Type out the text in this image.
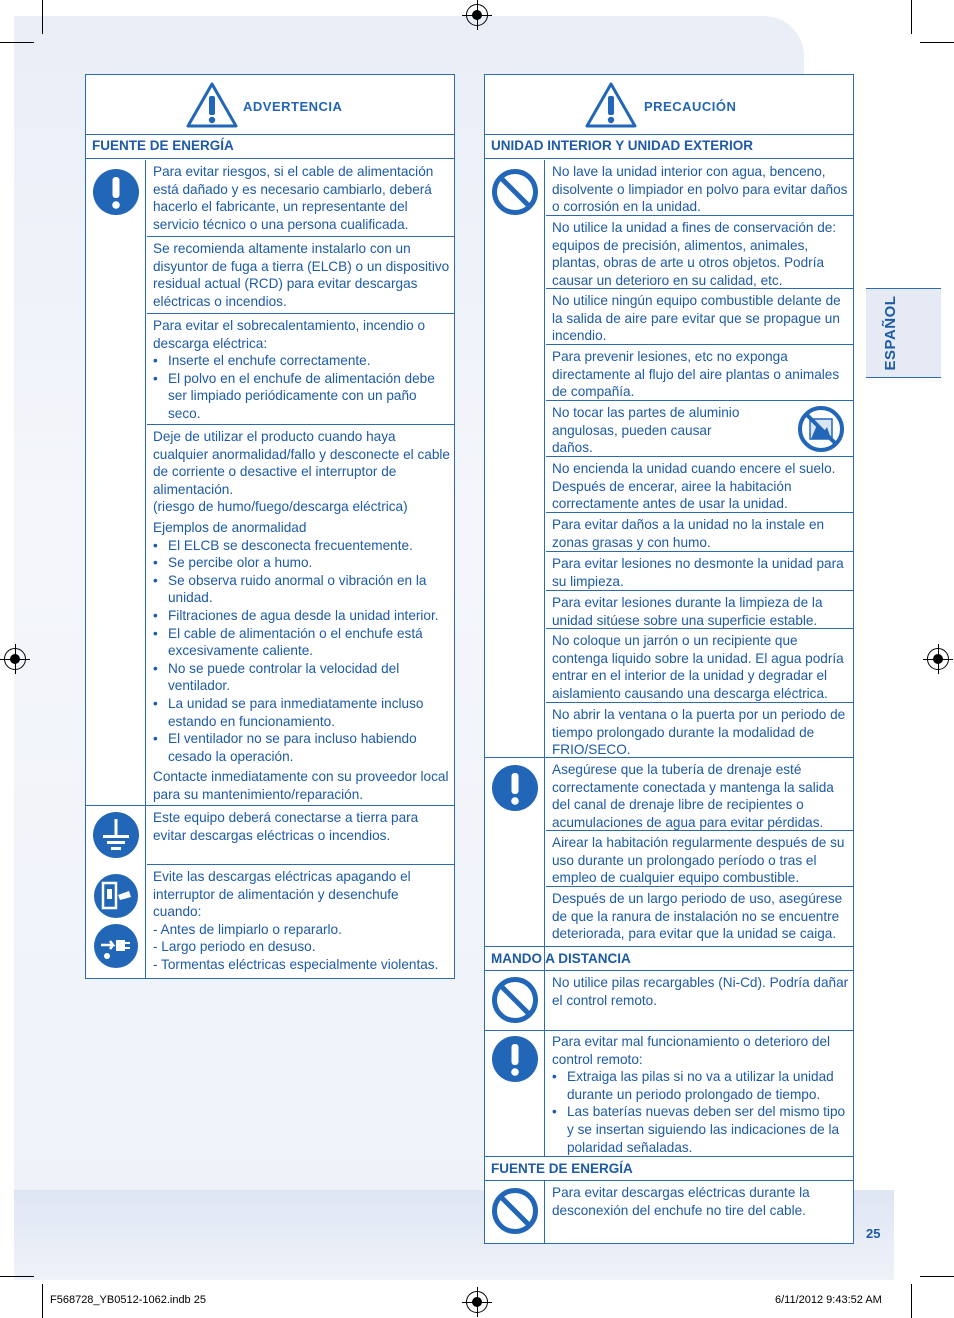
ESPAÑOL
25
ADVERTENCIA
FUENTE DE ENERGÍA

Para evitar riesgos, si el cable de alimentación está dañado y es necesario cambiarlo, deberá hacerlo el fabricante, un representante del servicio técnico o una persona cualificada.

Se recomienda altamente instalarlo con un disyuntor de fuga a tierra (ELCB) o un dispositivo residual actual (RCD) para evitar descargas eléctricas o incendios.

Para evitar el sobrecalentamiento, incendio o descarga eléctrica:

• Inserte el enchufe correctamente.
• El polvo en el enchufe de alimentación debe ser limpiado periódicamente con un paño seco.

Deje de utilizar el producto cuando haya cualquier anormalidad/fallo y desconecte el cable de corriente o desactive el interruptor de alimentación.

(riesgo de humo/fuego/descarga eléctrica)

Ejemplos de anormalidad

• El ELCB se desconecta frecuentemente.
• Se percibe olor a humo.
• Se observa ruido anormal o vibración en la unidad.
• Filtraciones de agua desde la unidad interior.
• El cable de alimentación o el enchufe está excesivamente caliente.
• No se puede controlar la velocidad del ventilador.
• La unidad se para inmediatamente incluso estando en funcionamiento.
• El ventilador no se para incluso habiendo cesado la operación.

Contacte inmediatamente con su proveedor local para su mantenimiento/reparación.

Este equipo deberá conectarse a tierra para evitar descargas eléctricas o incendios.

Evite las descargas eléctricas apagando el interruptor de alimentación y desenchufe cuando:

- Antes de limpiarlo o repararlo.

- Largo periodo en desuso.

- Tormentas eléctricas especialmente violentas.

PRECAUCIÓN
UNIDAD INTERIOR Y UNIDAD EXTERIOR

No lave la unidad interior con agua, benceno, disolvente o limpiador en polvo para evitar daños o corrosión en la unidad.

No utilice la unidad a fines de conservación de: equipos de precisión, alimentos, animales, plantas, obras de arte u otros objetos. Podría causar un deterioro en su calidad, etc.

No utilice ningún equipo combustible delante de la salida de aire pare evitar que se propague un incendio.

Para prevenir lesiones, etc no exponga directamente al flujo del aire plantas o animales de compañía.

No tocar las partes de aluminio angulosas, pueden causar daños.

No encienda la unidad cuando encere el suelo. Después de encerar, airee la habitación correctamente antes de usar la unidad.

Para evitar daños a la unidad no la instale en zonas grasas y con humo.

Para evitar lesiones no desmonte la unidad para su limpieza.

Para evitar lesiones durante la limpieza de la unidad sitúese sobre una superficie estable.

No coloque un jarrón o un recipiente que contenga liquido sobre la unidad. El agua podría entrar en el interior de la unidad y degradar el aislamiento causando una descarga eléctrica.

No abrir la ventana o la puerta por un periodo de tiempo prolongado durante la modalidad de FRIO/SECO.

Asegúrese que la tubería de drenaje esté correctamente conectada y mantenga la salida del canal de drenaje libre de recipientes o acumulaciones de agua para evitar pérdidas.

Airear la habitación regularmente después de su uso durante un prolongado período o tras el empleo de cualquier equipo combustible.

Después de un largo periodo de uso, asegúrese de que la ranura de instalación no se encuentre deteriorada, para evitar que la unidad se caiga.

MANDO A DISTANCIA

No utilice pilas recargables (Ni-Cd). Podría dañar el control remoto.

Para evitar mal funcionamiento o deterioro del control remoto:

• Extraiga las pilas si no va a utilizar la unidad durante un periodo prolongado de tiempo.
• Las baterías nuevas deben ser del mismo tipo y se insertan siguiendo las indicaciones de la polaridad señaladas.
FUENTE DE ENERGÍA

Para evitar descargas eléctricas durante la desconexión del enchufe no tire del cable.

F568728_YB0512-1062.indb 25	6/11/2012 9:43:52 AM
